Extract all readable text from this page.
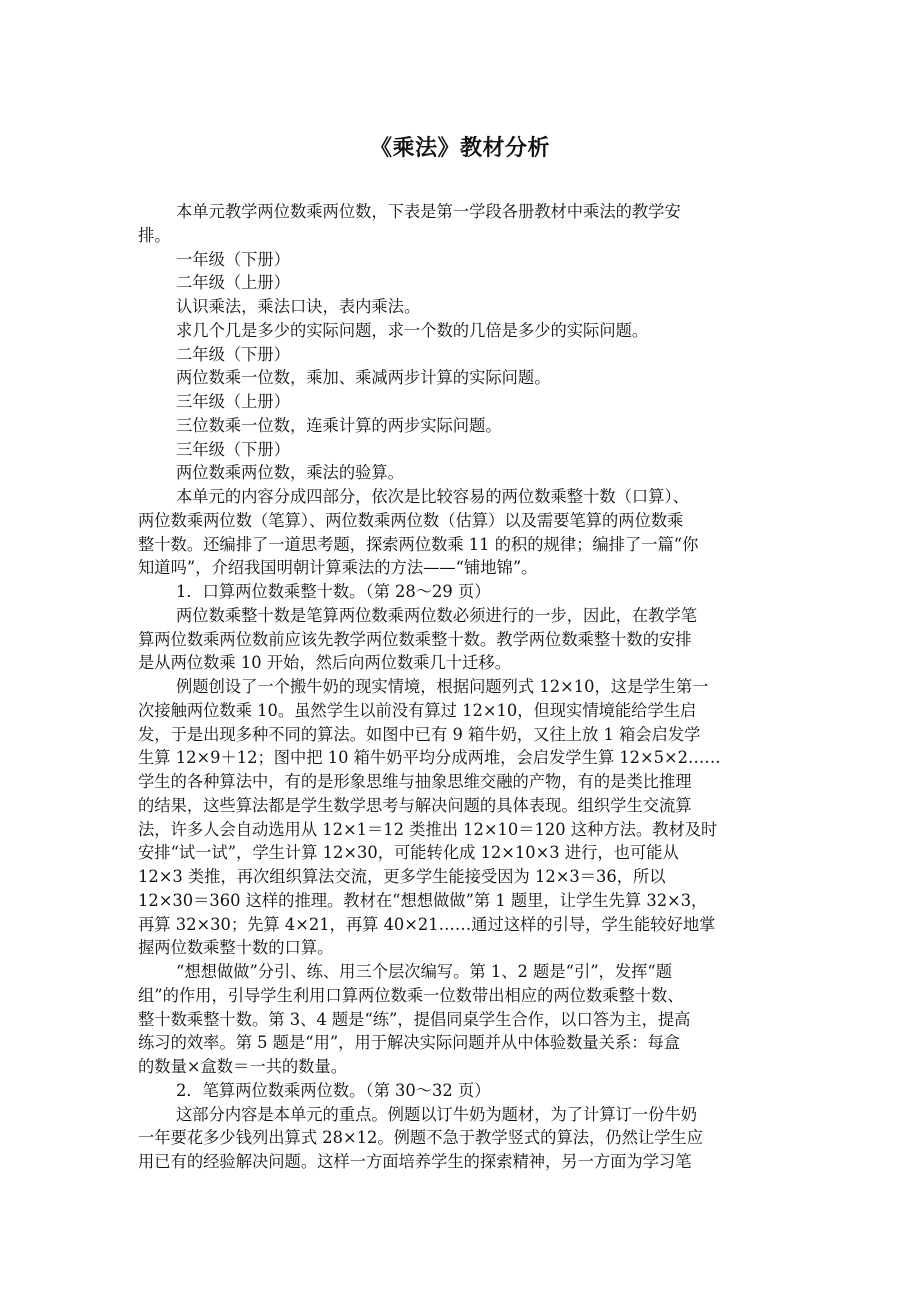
《乘法》教材分析
本单元教学两位数乘两位数，下表是第一学段各册教材中乘法的教学安
排。
一年级（下册）
二年级（上册）
认识乘法，乘法口诀，表内乘法。
求几个几是多少的实际问题，求一个数的几倍是多少的实际问题。
二年级（下册）
两位数乘一位数，乘加、乘减两步计算的实际问题。
三年级（上册）
三位数乘一位数，连乘计算的两步实际问题。
三年级（下册）
两位数乘两位数，乘法的验算。
本单元的内容分成四部分，依次是比较容易的两位数乘整十数（口算）、
两位数乘两位数（笔算）、两位数乘两位数（估算）以及需要笔算的两位数乘
整十数。还编排了一道思考题，探索两位数乘 11 的积的规律；编排了一篇“你
知道吗”，介绍我国明朝计算乘法的方法——“铺地锦”。
1．口算两位数乘整十数。（第 28～29 页）
两位数乘整十数是笔算两位数乘两位数必须进行的一步，因此，在教学笔
算两位数乘两位数前应该先教学两位数乘整十数。教学两位数乘整十数的安排
是从两位数乘 10 开始，然后向两位数乘几十迁移。
例题创设了一个搬牛奶的现实情境，根据问题列式 12×10，这是学生第一
次接触两位数乘 10。虽然学生以前没有算过 12×10，但现实情境能给学生启
发，于是出现多种不同的算法。如图中已有 9 箱牛奶，又往上放 1 箱会启发学
生算 12×9＋12；图中把 10 箱牛奶平均分成两堆，会启发学生算 12×5×2……
学生的各种算法中，有的是形象思维与抽象思维交融的产物，有的是类比推理
的结果，这些算法都是学生数学思考与解决问题的具体表现。组织学生交流算
法，许多人会自动选用从 12×1＝12 类推出 12×10＝120 这种方法。教材及时
安排“试一试”，学生计算 12×30，可能转化成 12×10×3 进行，也可能从
12×3 类推，再次组织算法交流，更多学生能接受因为 12×3＝36，所以
12×30＝360 这样的推理。教材在“想想做做”第 1 题里，让学生先算 32×3，
再算 32×30；先算 4×21，再算 40×21……通过这样的引导，学生能较好地掌
握两位数乘整十数的口算。
“想想做做”分引、练、用三个层次编写。第 1、2 题是“引”，发挥“题
组”的作用，引导学生利用口算两位数乘一位数带出相应的两位数乘整十数、
整十数乘整十数。第 3、4 题是“练”，提倡同桌学生合作，以口答为主，提高
练习的效率。第 5 题是“用”，用于解决实际问题并从中体验数量关系：每盒
的数量×盒数＝一共的数量。
2．笔算两位数乘两位数。（第 30～32 页）
这部分内容是本单元的重点。例题以订牛奶为题材，为了计算订一份牛奶
一年要花多少钱列出算式 28×12。例题不急于教学竖式的算法，仍然让学生应
用已有的经验解决问题。这样一方面培养学生的探索精神，另一方面为学习笔
